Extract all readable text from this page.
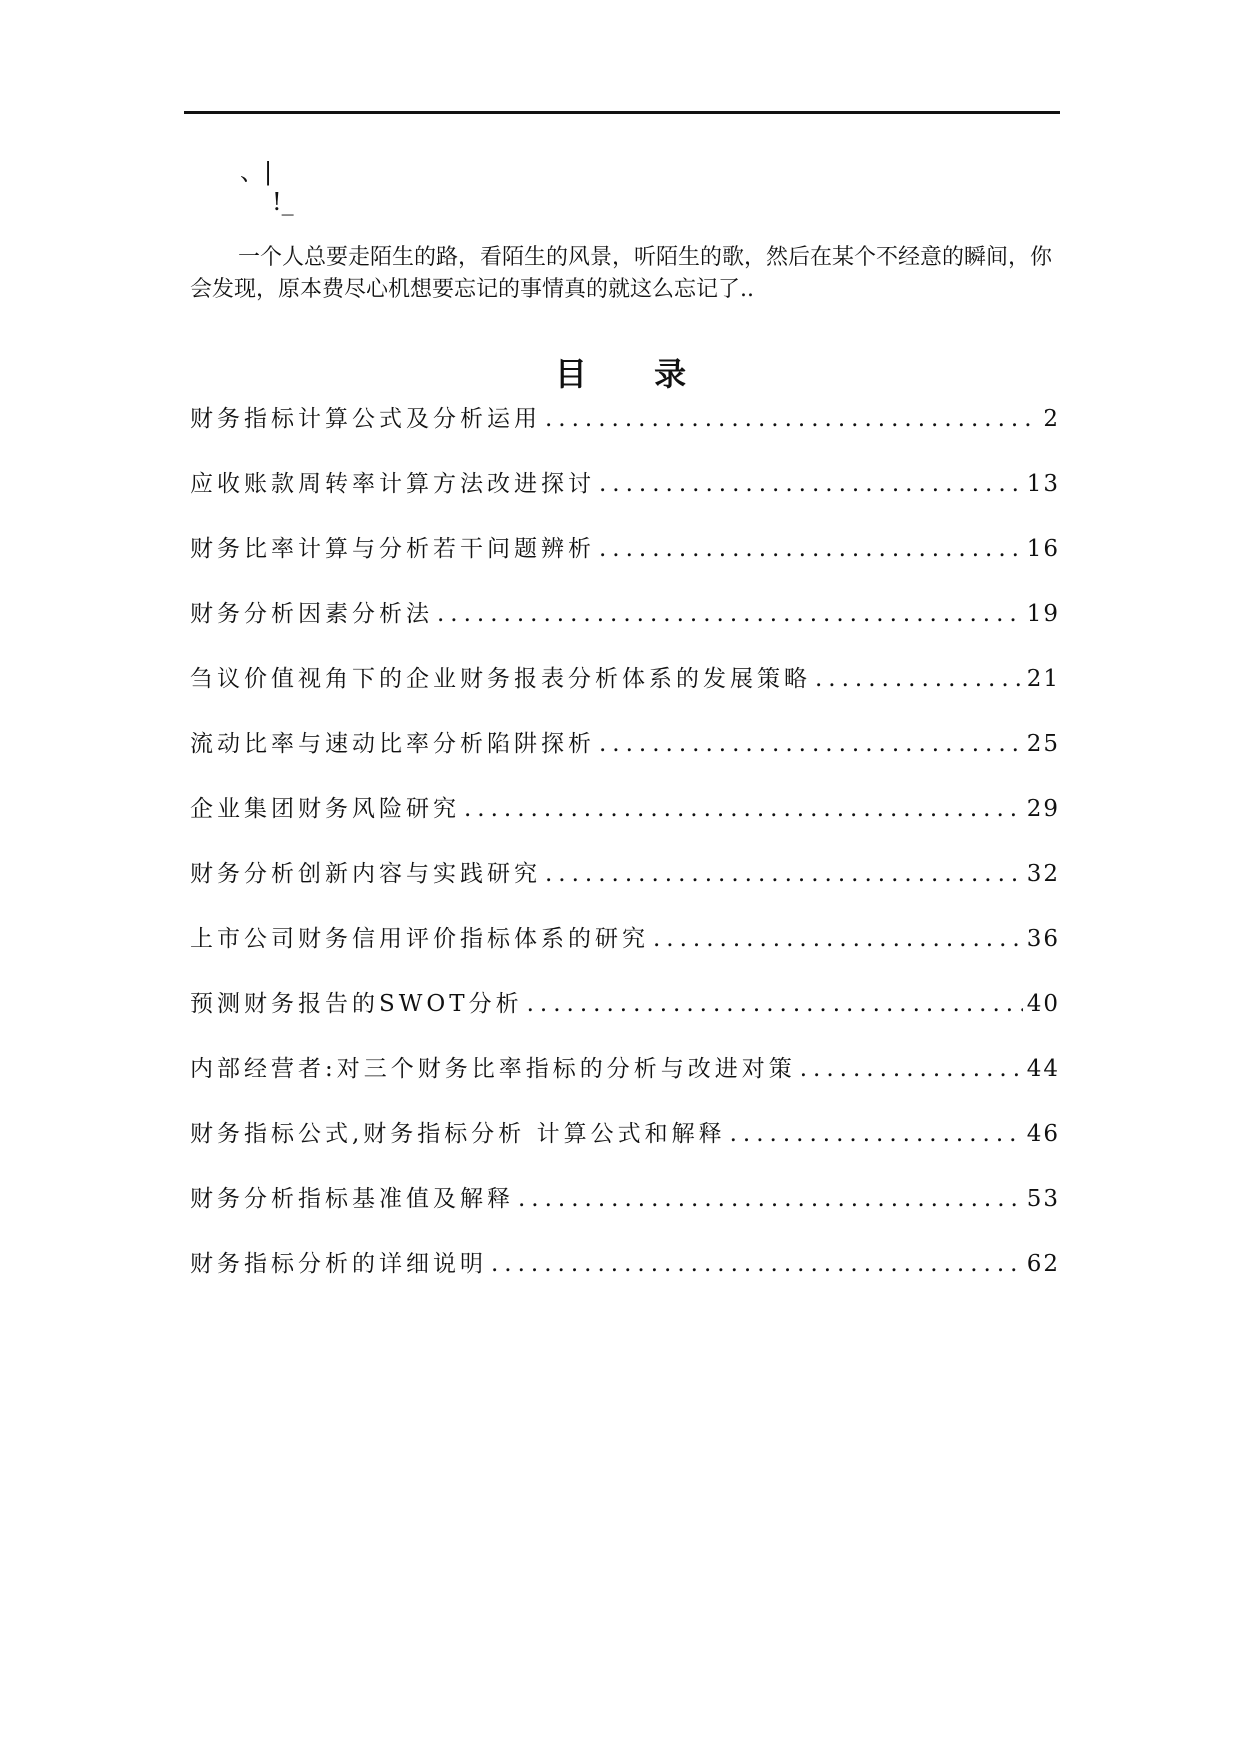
、|
!_

一个人总要走陌生的路，看陌生的风景，听陌生的歌，然后在某个不经意的瞬间，你会发现，原本费尽心机想要忘记的事情真的就这么忘记了..

目 录
财务指标计算公式及分析运用 .....	2
应收账款周转率计算方法改进探讨 .....	13
财务比率计算与分析若干问题辨析 .....	16
财务分析因素分析法 .....	19
刍议价值视角下的企业财务报表分析体系的发展策略 .....	21
流动比率与速动比率分析陷阱探析 .....	25
企业集团财务风险研究 .....	29
财务分析创新内容与实践研究 .....	32
上市公司财务信用评价指标体系的研究 .....	36
预测财务报告的SWOT分析 .....	40
内部经营者:对三个财务比率指标的分析与改进对策 .....	44
财务指标公式,财务指标分析 计算公式和解释 .....	46
财务分析指标基准值及解释 .....	53
财务指标分析的详细说明 .....	62
